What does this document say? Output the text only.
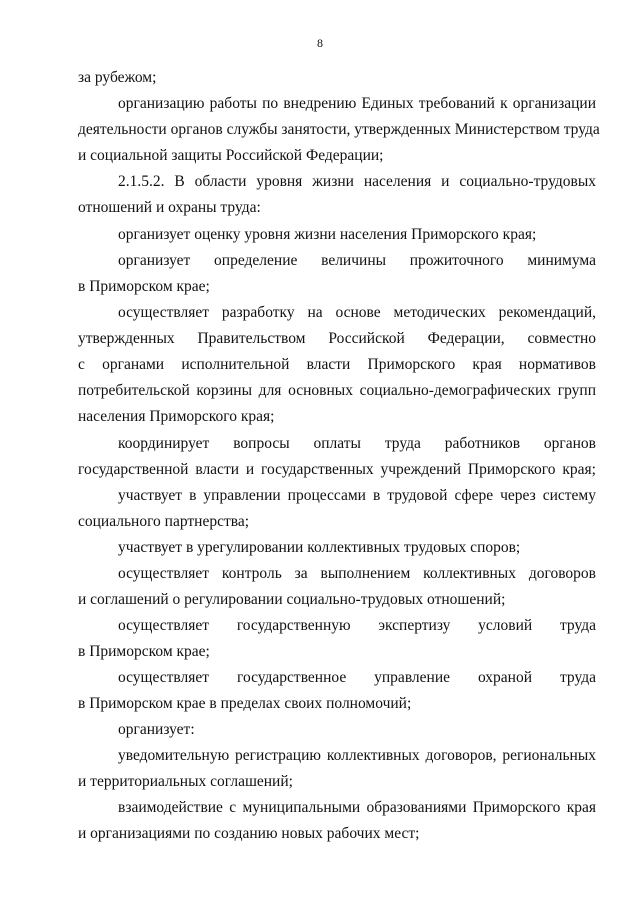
8
за рубежом;
организацию работы по внедрению Единых требований к организации
деятельности органов службы занятости, утвержденных Министерством труда
и социальной защиты Российской Федерации;
2.1.5.2. В области уровня жизни населения и социально-трудовых
отношений и охраны труда:
организует оценку уровня жизни населения Приморского края;
организует определение величины прожиточного минимума
в Приморском крае;
осуществляет разработку на основе методических рекомендаций,
утвержденных Правительством Российской Федерации, совместно
с органами исполнительной власти Приморского края нормативов
потребительской корзины для основных социально-демографических групп
населения Приморского края;
координирует вопросы оплаты труда работников органов
государственной власти и государственных учреждений Приморского края;
участвует в управлении процессами в трудовой сфере через систему
социального партнерства;
участвует в урегулировании коллективных трудовых споров;
осуществляет контроль за выполнением коллективных договоров
и соглашений о регулировании социально-трудовых отношений;
осуществляет государственную экспертизу условий труда
в Приморском крае;
осуществляет государственное управление охраной труда
в Приморском крае в пределах своих полномочий;
организует:
уведомительную регистрацию коллективных договоров, региональных
и территориальных соглашений;
взаимодействие с муниципальными образованиями Приморского края
и организациями по созданию новых рабочих мест;
